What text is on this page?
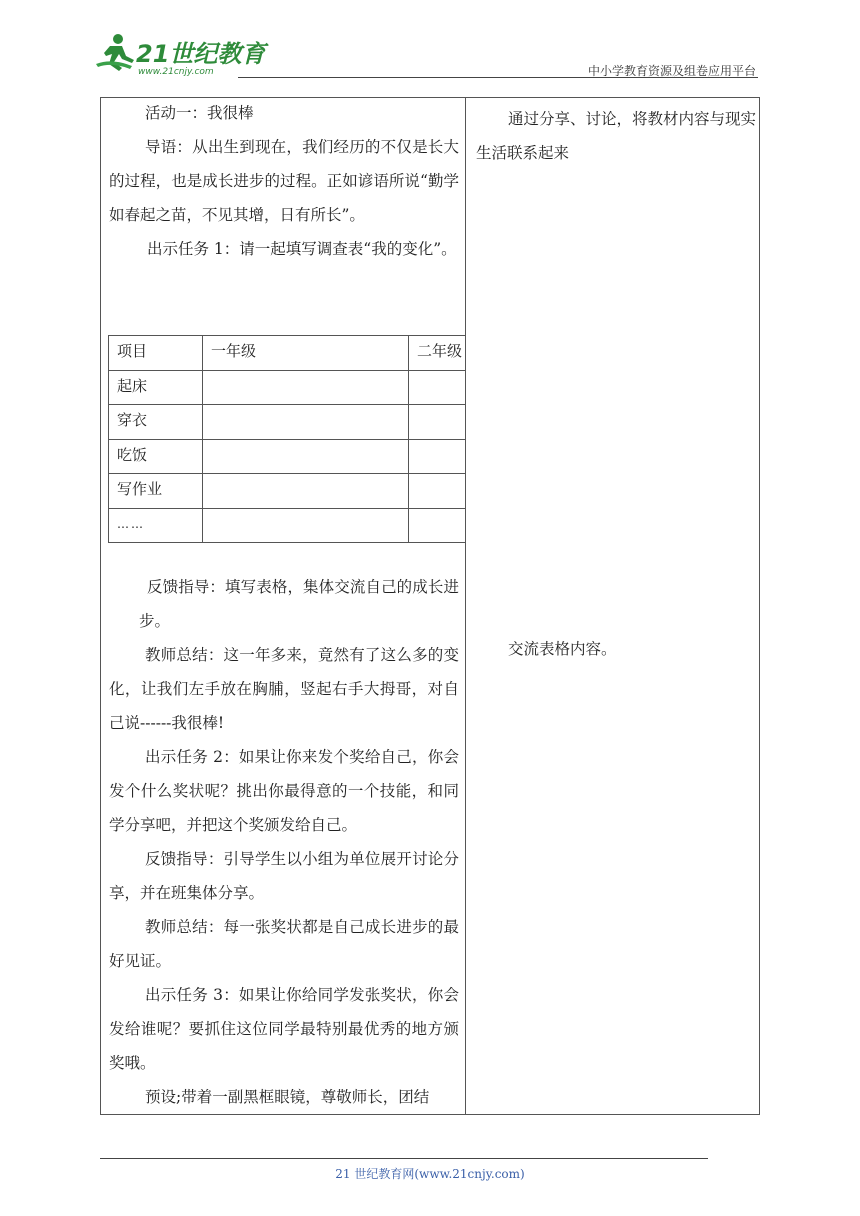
21世纪教育
www.21cnjy.com	中小学教育资源及组卷应用平台
活动一：我很棒
导语：从出生到现在，我们经历的不仅是长大的过程，也是成长进步的过程。正如谚语所说“勤学如春起之苗，不见其增，日有所长”。
出示任务 1：请一起填写调查表“我的变化”。
项目	一年级	二年级
起床		
穿衣		
吃饭		
写作业		
……		
反馈指导：填写表格，集体交流自己的成长进步。
教师总结：这一年多来，竟然有了这么多的变化，让我们左手放在胸脯，竖起右手大拇哥，对自己说------我很棒!
出示任务 2：如果让你来发个奖给自己，你会发个什么奖状呢？挑出你最得意的一个技能，和同学分享吧，并把这个奖颁发给自己。
反馈指导：引导学生以小组为单位展开讨论分享，并在班集体分享。
教师总结：每一张奖状都是自己成长进步的最好见证。
出示任务 3：如果让你给同学发张奖状，你会发给谁呢？要抓住这位同学最特别最优秀的地方颁奖哦。
预设;带着一副黑框眼镜，尊敬师长，团结
通过分享、讨论，将教材内容与现实生活联系起来
交流表格内容。
21 世纪教育网(www.21cnjy.com)
